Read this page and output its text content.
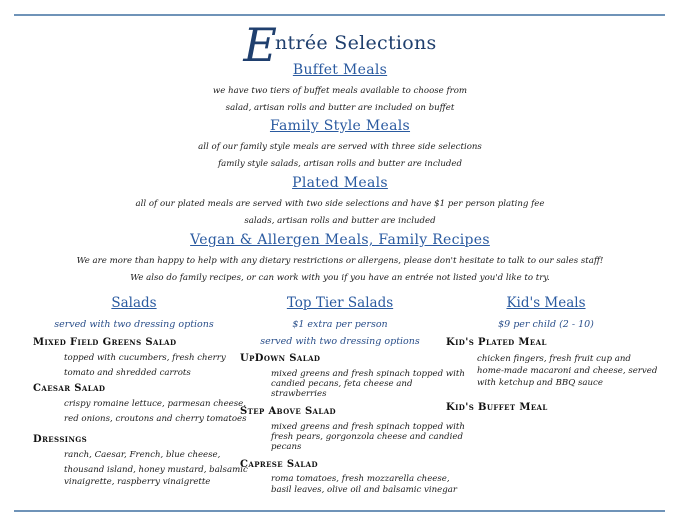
Entrée Selections
Buffet Meals
we have two tiers of buffet meals available to choose from
salad, artisan rolls and butter are included on buffet
Family Style Meals
all of our family style meals are served with three side selections
family style salads, artisan rolls and butter are included
Plated Meals
all of our plated meals are served with two side selections and have $1 per person plating fee
salads, artisan rolls and butter are included
Vegan & Allergen Meals, Family Recipes
We are more than happy to help with any dietary restrictions or allergens, please don't hesitate to talk to our sales staff!
We also do family recipes, or can work with you if you have an entrée not listed you'd like to try.
Salads
served with two dressing options
Mixed Field Greens Salad
topped with cucumbers, fresh cherry
tomato and shredded carrots
Caesar Salad
crispy romaine lettuce, parmesan cheese,
red onions, croutons and cherry tomatoes
Dressings
ranch, Caesar, French, blue cheese,
thousand island, honey mustard, balsamic
vinaigrette, raspberry vinaigrette
Top Tier Salads
$1 extra per person
served with two dressing options
UpDown Salad
mixed greens and fresh spinach topped with
candied pecans, feta cheese and
strawberries
Step Above Salad
mixed greens and fresh spinach topped with
fresh pears, gorgonzola cheese and candied
pecans
Caprese Salad
roma tomatoes, fresh mozzarella cheese,
basil leaves, olive oil and balsamic vinegar
Kid's Meals
$9 per child (2 - 10)
Kid's Plated Meal
chicken fingers, fresh fruit cup and
home-made macaroni and cheese, served
with ketchup and BBQ sauce
Kid's Buffet Meal
